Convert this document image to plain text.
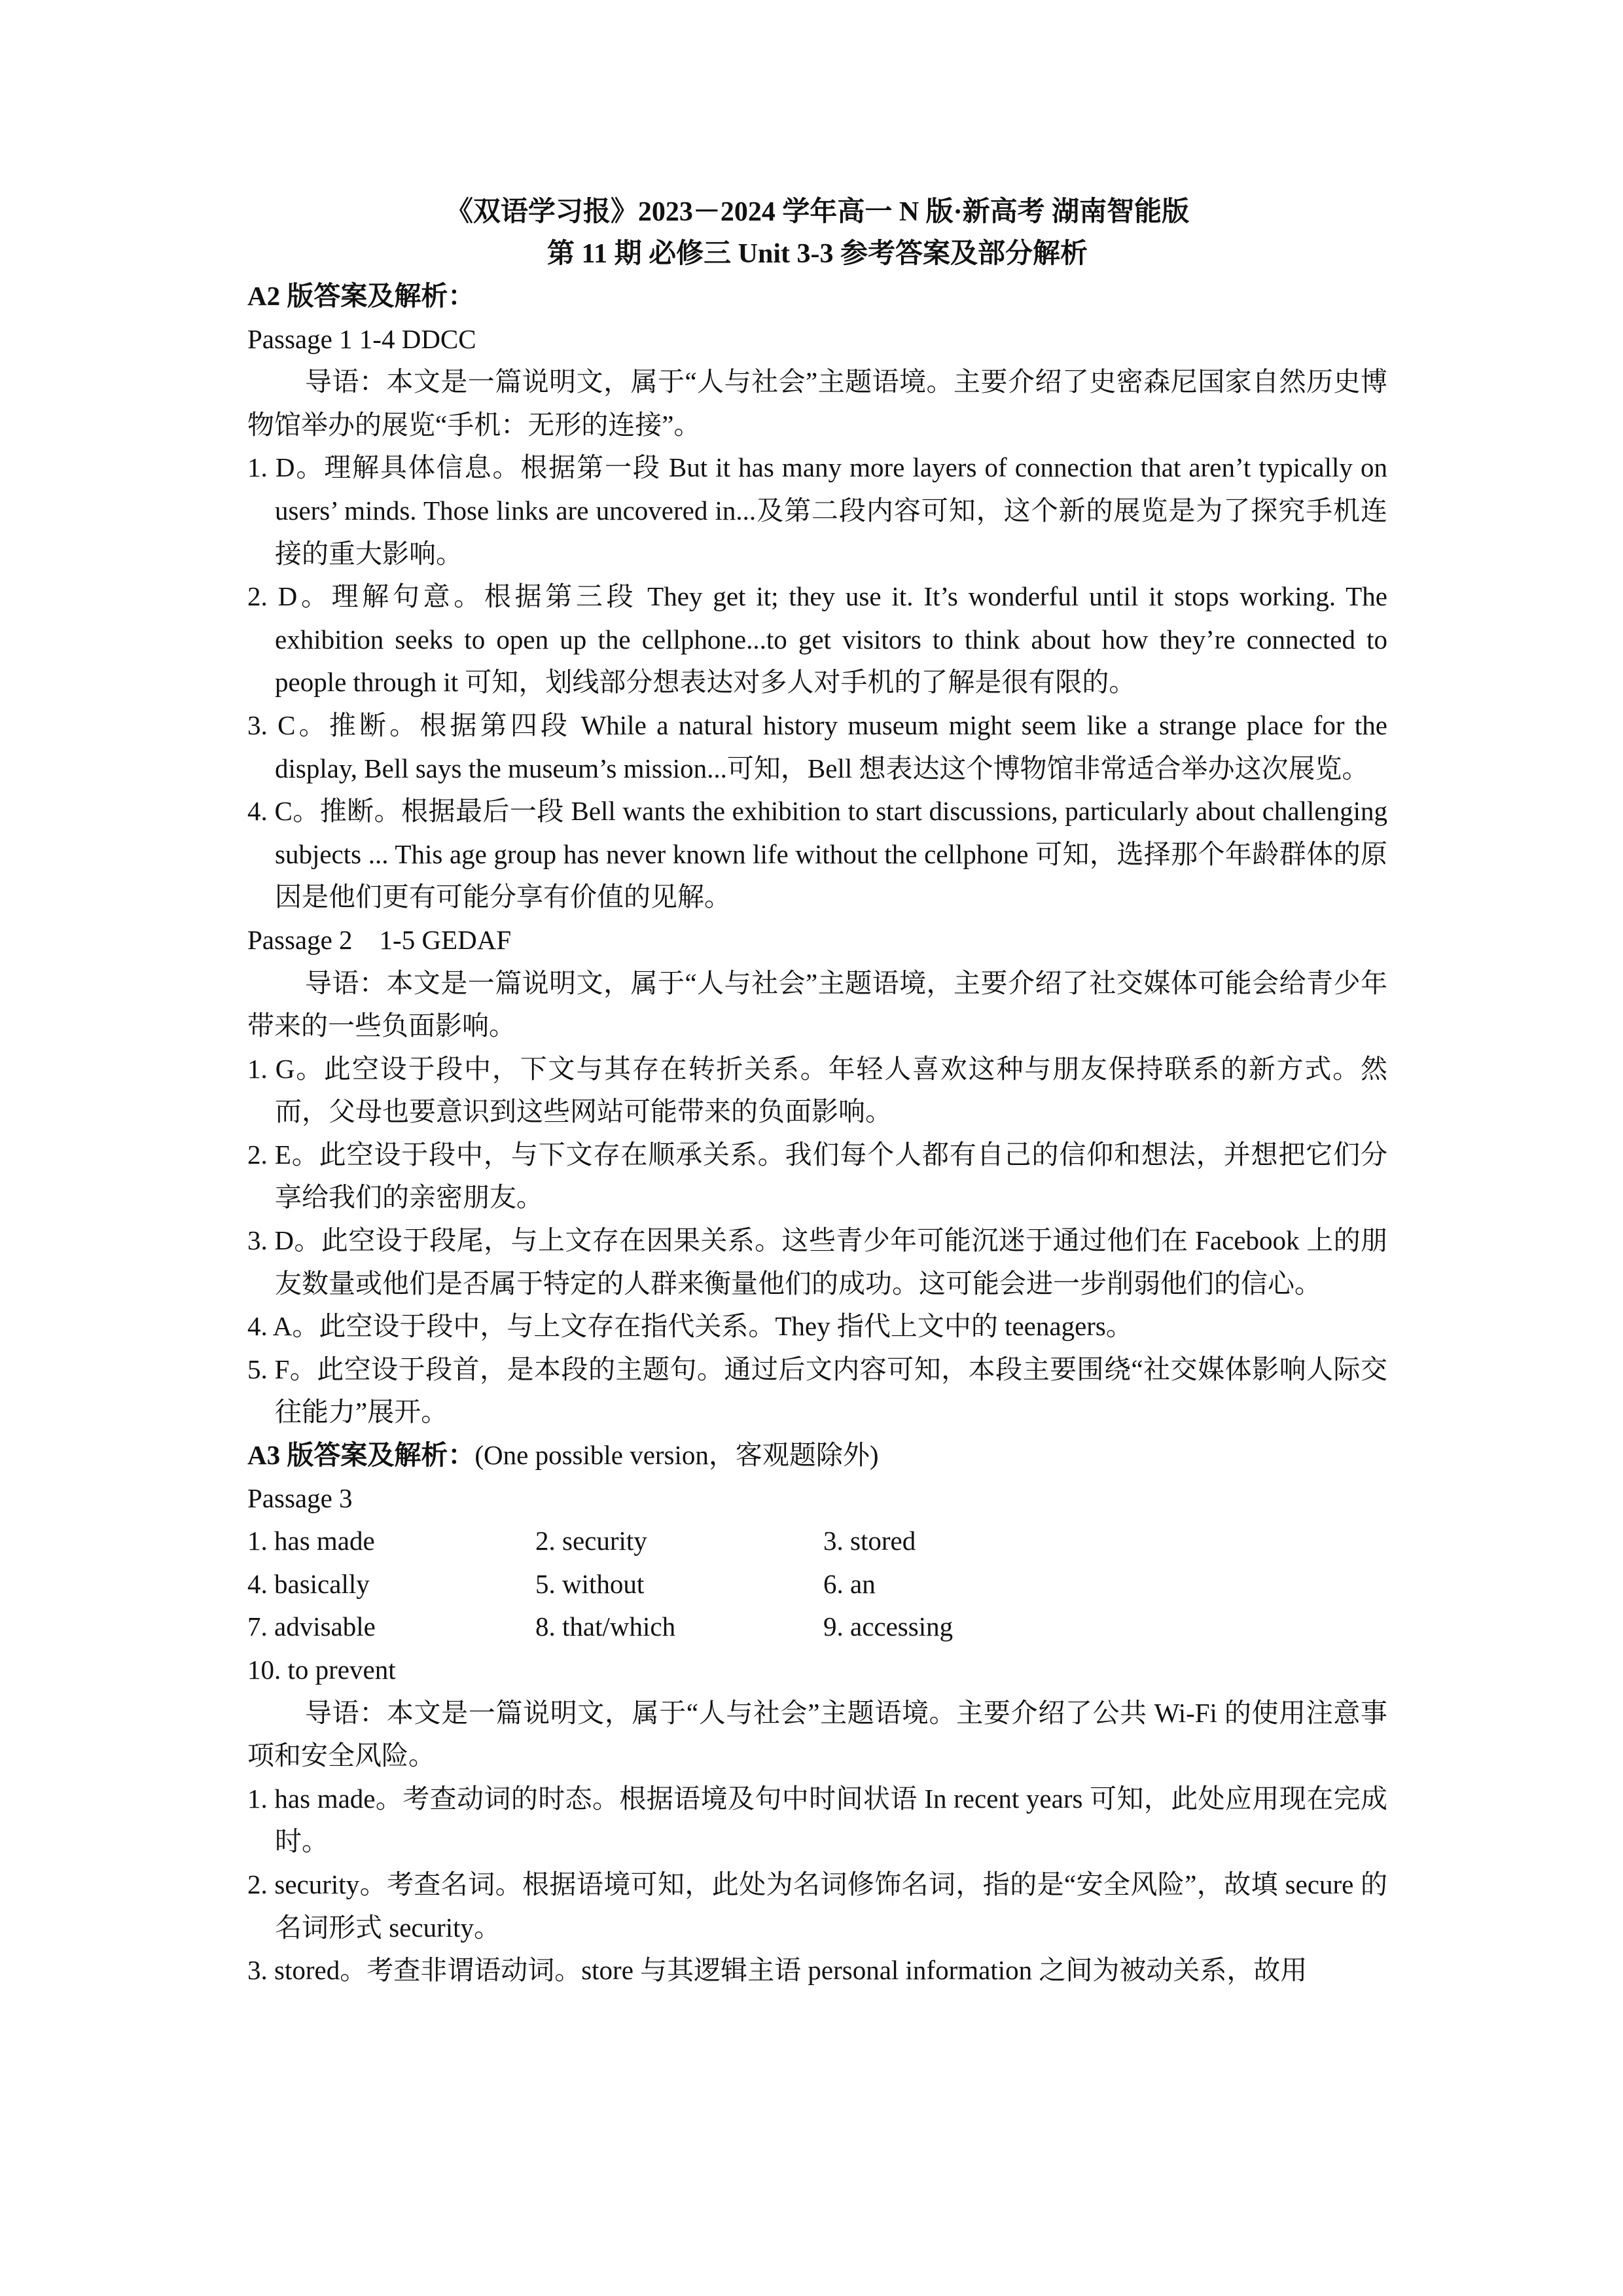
《双语学习报》2023－2024 学年高一 N 版·新高考 湖南智能版
第 11 期 必修三 Unit 3-3 参考答案及部分解析
A2 版答案及解析：
Passage 1 1-4 DDCC
导语：本文是一篇说明文，属于“人与社会”主题语境。主要介绍了史密森尼国家自然历史博物馆举办的展览“手机：无形的连接”。
1. D。理解具体信息。根据第一段 But it has many more layers of connection that aren’t typically on users’ minds. Those links are uncovered in...及第二段内容可知，这个新的展览是为了探究手机连接的重大影响。
2. D。理解句意。根据第三段 They get it; they use it. It’s wonderful until it stops working. The exhibition seeks to open up the cellphone...to get visitors to think about how they’re connected to people through it 可知，划线部分想表达对多人对手机的了解是很有限的。
3. C。推断。根据第四段 While a natural history museum might seem like a strange place for the display, Bell says the museum’s mission...可知，Bell 想表达这个博物馆非常适合举办这次展览。
4. C。推断。根据最后一段 Bell wants the exhibition to start discussions, particularly about challenging subjects ... This age group has never known life without the cellphone 可知，选择那个年龄群体的原因是他们更有可能分享有价值的见解。
Passage 2    1-5 GEDAF
导语：本文是一篇说明文，属于“人与社会”主题语境，主要介绍了社交媒体可能会给青少年带来的一些负面影响。
1. G。此空设于段中，下文与其存在转折关系。年轻人喜欢这种与朋友保持联系的新方式。然而，父母也要意识到这些网站可能带来的负面影响。
2. E。此空设于段中，与下文存在顺承关系。我们每个人都有自己的信仰和想法，并想把它们分享给我们的亲密朋友。
3. D。此空设于段尾，与上文存在因果关系。这些青少年可能沉迷于通过他们在 Facebook 上的朋友数量或他们是否属于特定的人群来衡量他们的成功。这可能会进一步削弱他们的信心。
4. A。此空设于段中，与上文存在指代关系。They 指代上文中的 teenagers。
5. F。此空设于段首，是本段的主题句。通过后文内容可知，本段主要围绕“社交媒体影响人际交往能力”展开。
A3 版答案及解析：(One possible version，客观题除外)
Passage 3
1. has made	2. security	3. stored
4. basically	5. without	6. an
7. advisable	8. that/which	9. accessing
10. to prevent
导语：本文是一篇说明文，属于“人与社会”主题语境。主要介绍了公共 Wi-Fi 的使用注意事项和安全风险。
1. has made。考查动词的时态。根据语境及句中时间状语 In recent years 可知，此处应用现在完成时。
2. security。考查名词。根据语境可知，此处为名词修饰名词，指的是“安全风险”，故填 secure 的名词形式 security。
3. stored。考查非谓语动词。store 与其逻辑主语 personal information 之间为被动关系，故用
